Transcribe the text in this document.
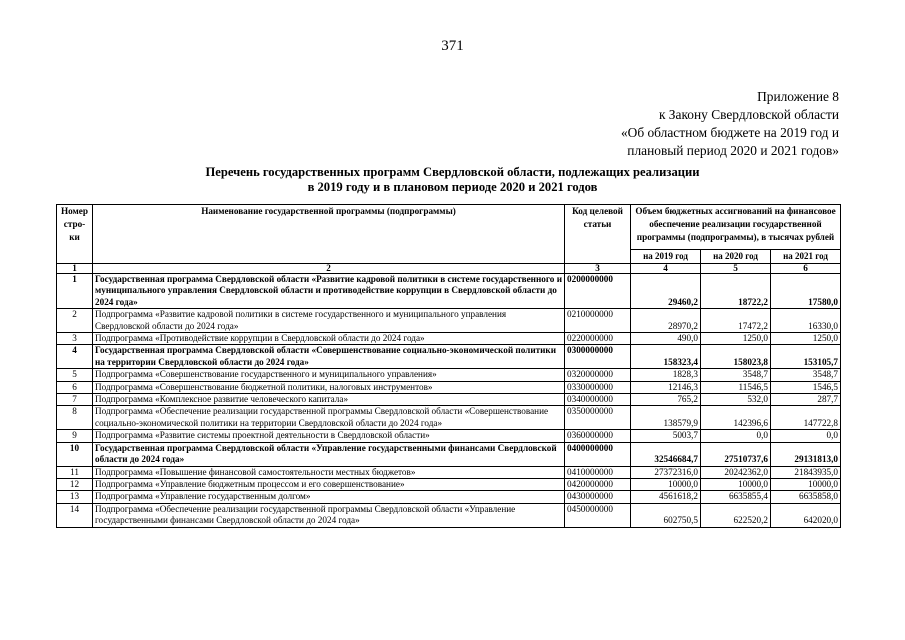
371
Приложение 8
к Закону Свердловской области
«Об областном бюджете на 2019 год и
плановый период 2020 и 2021 годов»
Перечень государственных программ Свердловской области, подлежащих реализации
в 2019 году и в плановом периоде 2020 и 2021 годов
Номер стро-ки	Наименование государственной программы (подпрограммы)	Код целевой статьи	Объем бюджетных ассигнований на финансовое обеспечение реализации государственной программы (подпрограммы), в тысячах рублей		
			на 2019 год	на 2020 год	на 2021 год
1	2	3	4	5	6
1	Государственная программа Свердловской области «Развитие кадровой политики в системе государственного и муниципального управления Свердловской области и противодействие коррупции в Свердловской области до 2024 года»	0200000000	29460,2	18722,2	17580,0
2	Подпрограмма «Развитие кадровой политики в системе государственного и муниципального управления Свердловской области до 2024 года»	0210000000	28970,2	17472,2	16330,0
3	Подпрограмма «Противодействие коррупции в Свердловской области до 2024 года»	0220000000	490,0	1250,0	1250,0
4	Государственная программа Свердловской области «Совершенствование социально-экономической политики на территории Свердловской области до 2024 года»	0300000000	158323,4	158023,8	153105,7
5	Подпрограмма «Совершенствование государственного и муниципального управления»	0320000000	1828,3	3548,7	3548,7
6	Подпрограмма «Совершенствование бюджетной политики, налоговых инструментов»	0330000000	12146,3	11546,5	1546,5
7	Подпрограмма «Комплексное развитие человеческого капитала»	0340000000	765,2	532,0	287,7
8	Подпрограмма «Обеспечение реализации государственной программы Свердловской области «Совершенствование социально-экономической политики на территории Свердловской области до 2024 года»	0350000000	138579,9	142396,6	147722,8
9	Подпрограмма «Развитие системы проектной деятельности в Свердловской области»	0360000000	5003,7	0,0	0,0
10	Государственная программа Свердловской области «Управление государственными финансами Свердловской области до 2024 года»	0400000000	32546684,7	27510737,6	29131813,0
11	Подпрограмма «Повышение финансовой самостоятельности местных бюджетов»	0410000000	27372316,0	20242362,0	21843935,0
12	Подпрограмма «Управление бюджетным процессом и его совершенствование»	0420000000	10000,0	10000,0	10000,0
13	Подпрограмма «Управление государственным долгом»	0430000000	4561618,2	6635855,4	6635858,0
14	Подпрограмма «Обеспечение реализации государственной программы Свердловской области «Управление государственными финансами Свердловской области до 2024 года»	0450000000	602750,5	622520,2	642020,0
